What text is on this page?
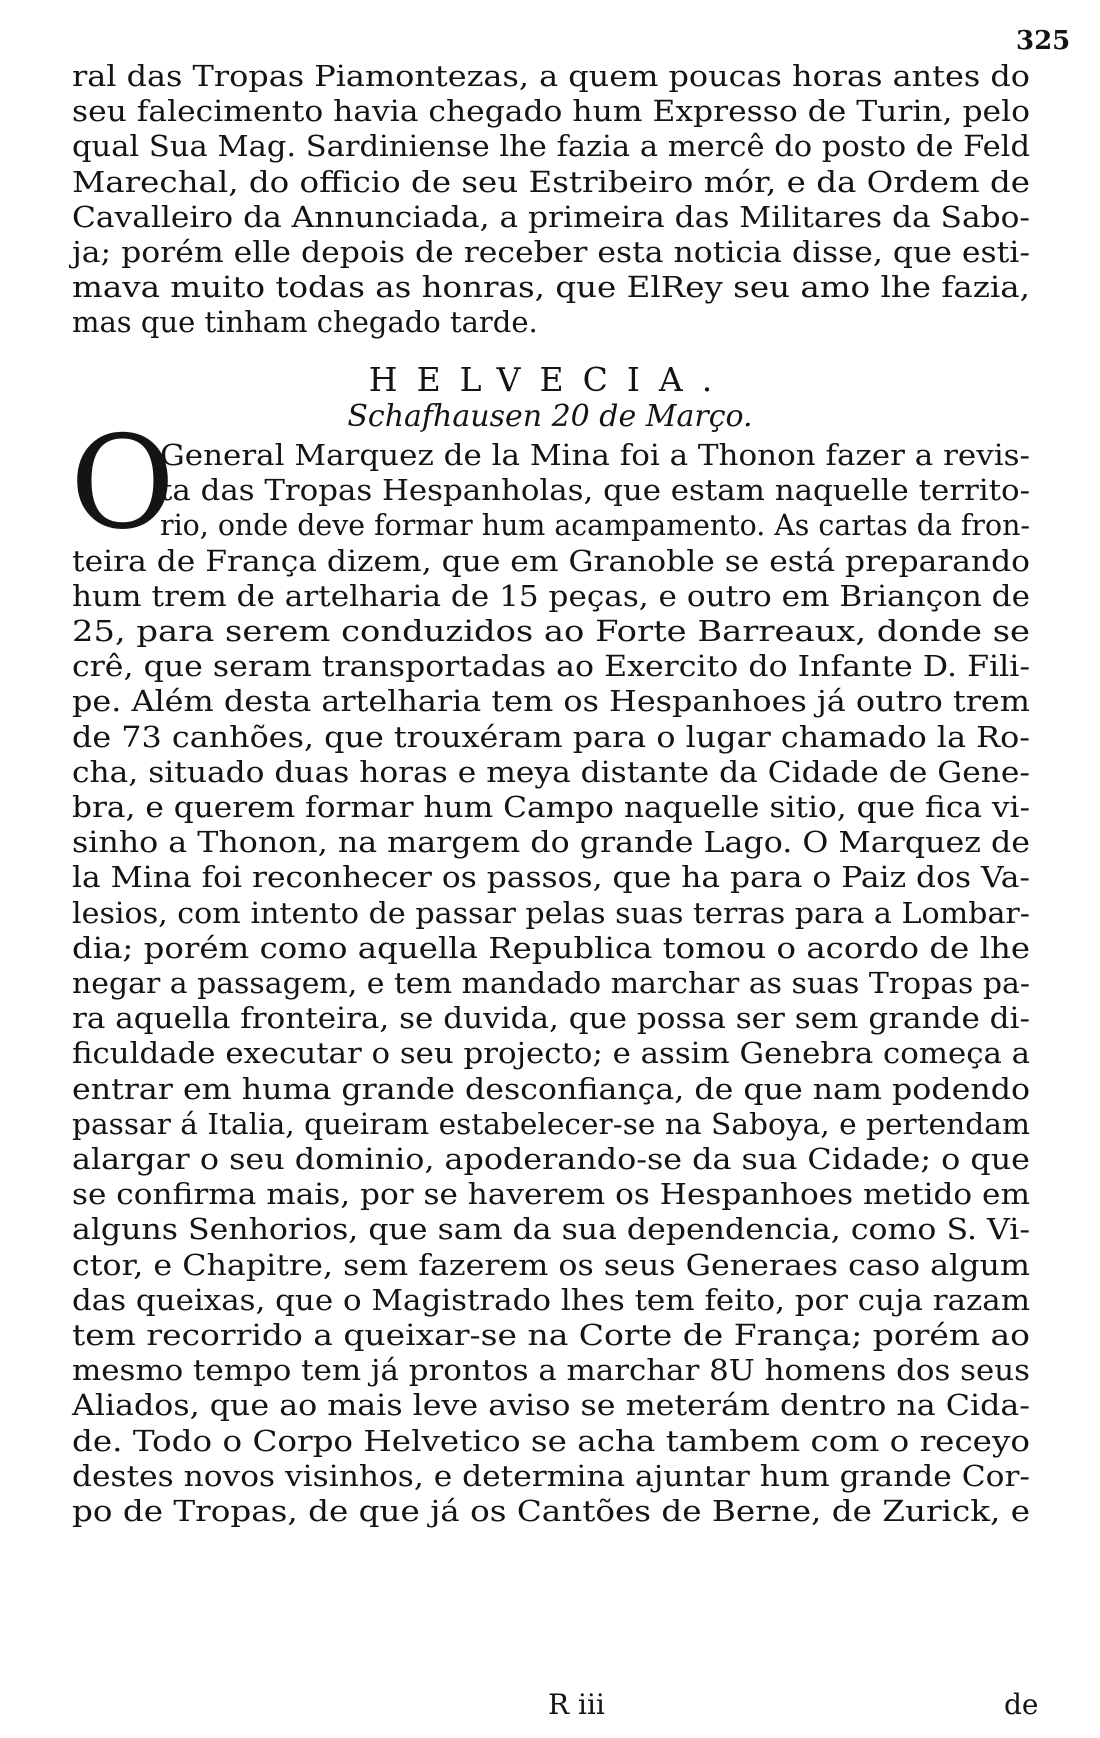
325

ral das Tropas Piamontezas, a quem poucas horas antes do

seu falecimento havia chegado hum Expresso de Turin, pelo

qual Sua Mag. Sardiniense lhe fazia a mercê do posto de Feld

Marechal, do officio de seu Estribeiro mór, e da Ordem de

Cavalleiro da Annunciada, a primeira das Militares da Sabo-

ja; porém elle depois de receber esta noticia disse, que esti-

mava muito todas as honras, que ElRey seu amo lhe fazia,

mas que tinham chegado tarde.

HELVECIA.

Schafhausen 20 de Março.

O

General Marquez de la Mina foi a Thonon fazer a revis-

ta das Tropas Hespanholas, que estam naquelle territo-

rio, onde deve formar hum acampamento. As cartas da fron-

teira de França dizem, que em Granoble se está preparando

hum trem de artelharia de 15 peças, e outro em Briançon de

25, para serem conduzidos ao Forte Barreaux, donde se

crê, que seram transportadas ao Exercito do Infante D. Fili-

pe. Além desta artelharia tem os Hespanhoes já outro trem

de 73 canhões, que trouxéram para o lugar chamado la Ro-

cha, situado duas horas e meya distante da Cidade de Gene-

bra, e querem formar hum Campo naquelle sitio, que fica vi-

sinho a Thonon, na margem do grande Lago. O Marquez de

la Mina foi reconhecer os passos, que ha para o Paiz dos Va-

lesios, com intento de passar pelas suas terras para a Lombar-

dia; porém como aquella Republica tomou o acordo de lhe

negar a passagem, e tem mandado marchar as suas Tropas pa-

ra aquella fronteira, se duvida, que possa ser sem grande di-

ficuldade executar o seu projecto; e assim Genebra começa a

entrar em huma grande desconfiança, de que nam podendo

passar á Italia, queiram estabelecer-se na Saboya, e pertendam

alargar o seu dominio, apoderando-se da sua Cidade; o que

se confirma mais, por se haverem os Hespanhoes metido em

alguns Senhorios, que sam da sua dependencia, como S. Vi-

ctor, e Chapitre, sem fazerem os seus Generaes caso algum

das queixas, que o Magistrado lhes tem feito, por cuja razam

tem recorrido a queixar-se na Corte de França; porém ao

mesmo tempo tem já prontos a marchar 8U homens dos seus

Aliados, que ao mais leve aviso se meterám dentro na Cida-

de. Todo o Corpo Helvetico se acha tambem com o receyo

destes novos visinhos, e determina ajuntar hum grande Cor-

po de Tropas, de que já os Cantões de Berne, de Zurick, e

R iii	de
